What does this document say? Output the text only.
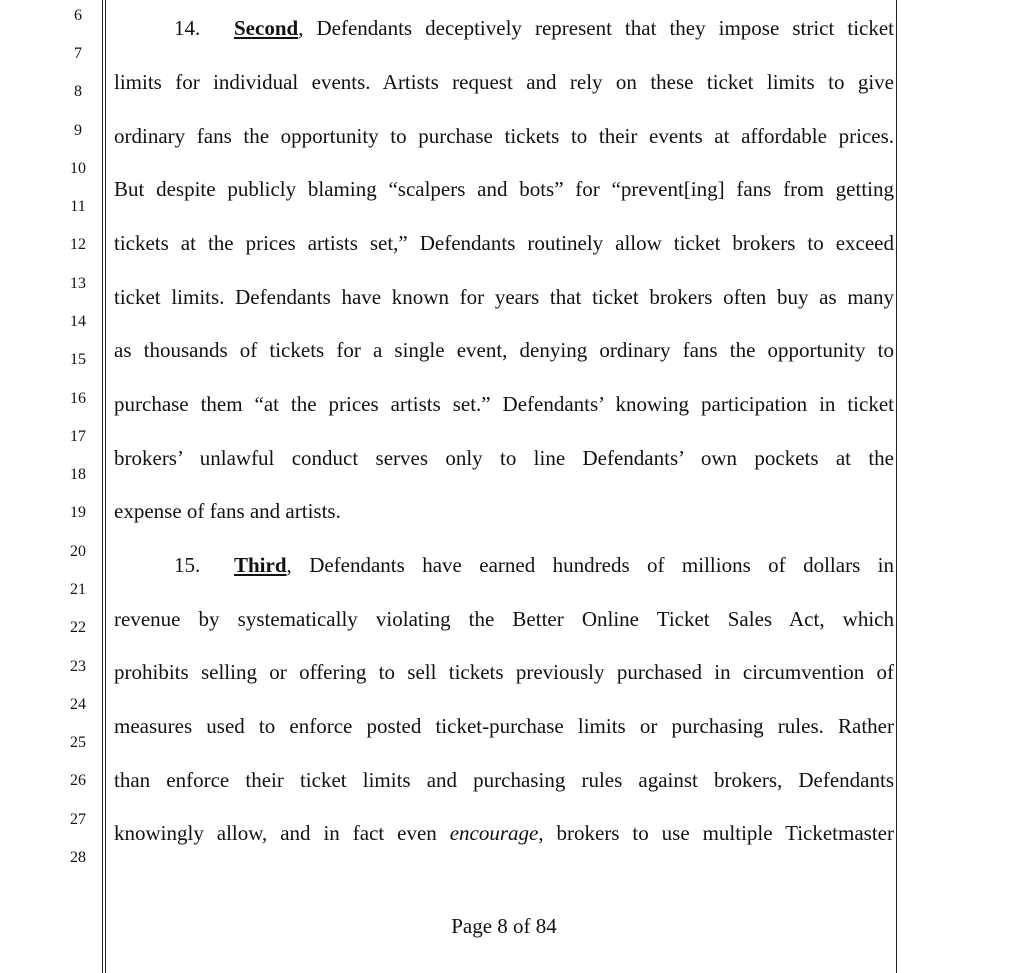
6
7
8
9
10
11
12
13
14
15
16
17
18
19
20
21
22
23
24
25
26
27
28
14. Second, Defendants deceptively represent that they impose strict ticket
limits for individual events. Artists request and rely on these ticket limits to give
ordinary fans the opportunity to purchase tickets to their events at affordable prices.
But despite publicly blaming “scalpers and bots” for “prevent[ing] fans from getting
tickets at the prices artists set,” Defendants routinely allow ticket brokers to exceed
ticket limits. Defendants have known for years that ticket brokers often buy as many
as thousands of tickets for a single event, denying ordinary fans the opportunity to
purchase them “at the prices artists set.” Defendants’ knowing participation in ticket
brokers’ unlawful conduct serves only to line Defendants’ own pockets at the
expense of fans and artists.
15. Third, Defendants have earned hundreds of millions of dollars in
revenue by systematically violating the Better Online Ticket Sales Act, which
prohibits selling or offering to sell tickets previously purchased in circumvention of
measures used to enforce posted ticket-purchase limits or purchasing rules. Rather
than enforce their ticket limits and purchasing rules against brokers, Defendants
knowingly allow, and in fact even encourage, brokers to use multiple Ticketmaster
Page 8 of 84
